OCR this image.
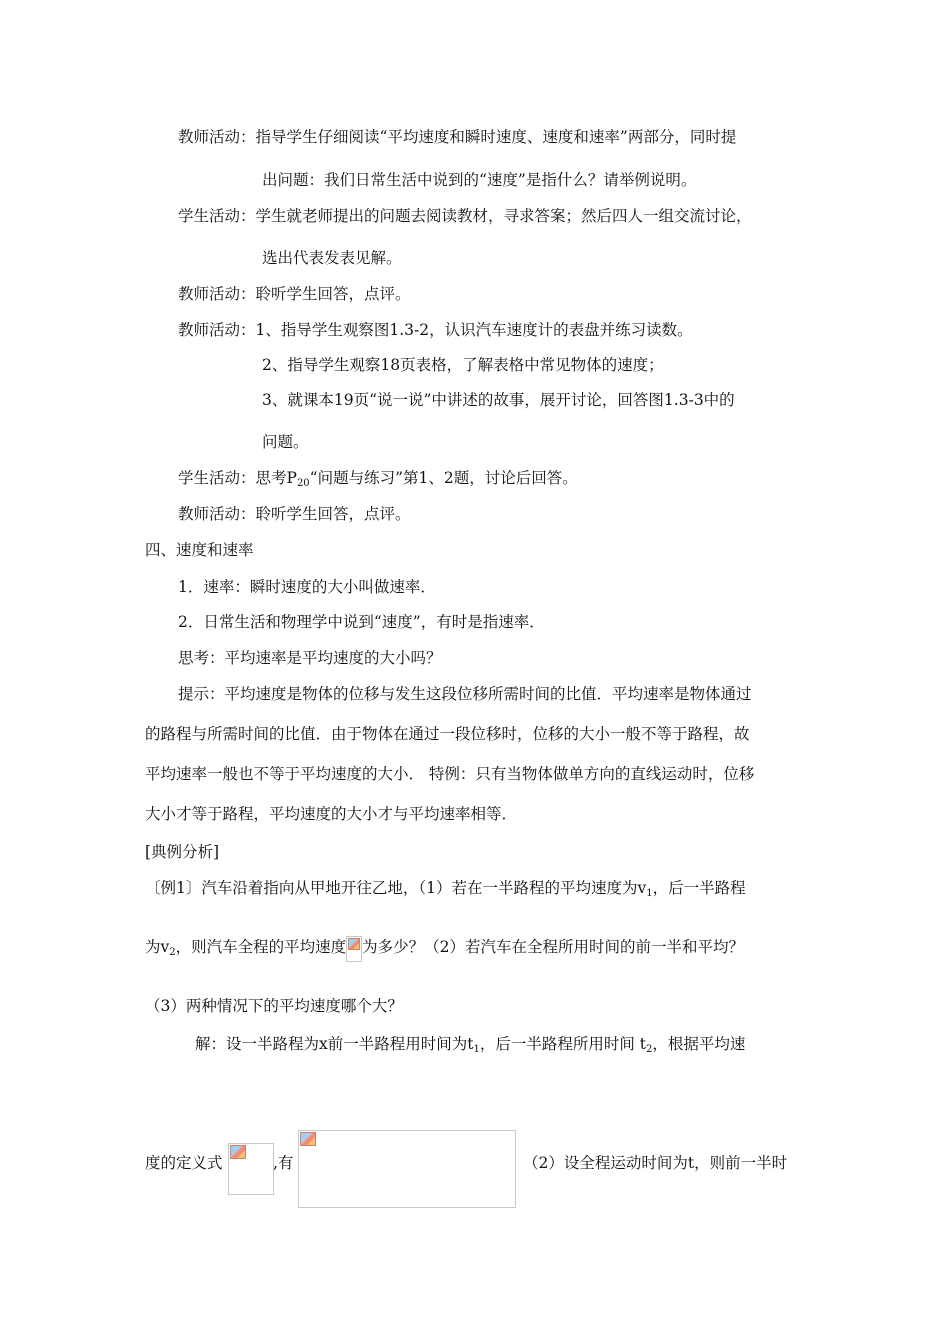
教师活动：指导学生仔细阅读“平均速度和瞬时速度、速度和速率”两部分，同时提
出问题：我们日常生活中说到的“速度”是指什么？请举例说明。
学生活动：学生就老师提出的问题去阅读教材，寻求答案；然后四人一组交流讨论，
选出代表发表见解。
教师活动：聆听学生回答，点评。
教师活动：1、指导学生观察图1.3-2，认识汽车速度计的表盘并练习读数。
2、指导学生观察18页表格，了解表格中常见物体的速度；
3、就课本19页“说一说”中讲述的故事，展开讨论，回答图1.3-3中的
问题。
学生活动：思考$P_{20}“$问题与练习”第1、2题，讨论后回答。
教师活动：聆听学生回答，点评。
四、速度和速率
1．速率：瞬时速度的大小叫做速率．
2．日常生活和物理学中说到“速度”，有时是指速率．
思考：平均速率是平均速度的大小吗？
提示：平均速度是物体的位移与发生这段位移所需时间的比值．平均速率是物体通过
的路程与所需时间的比值．由于物体在通过一段位移时，位移的大小一般不等于路程，故
平均速率一般也不等于平均速度的大小． 特例：只有当物体做单方向的直线运动时，位移
大小才等于路程，平均速度的大小才与平均速率相等．
[典例分析]
〔例1〕汽车沿着指向从甲地开往乙地，（1）若在一半路程的平均速度为$v_1$，后一半路程
为$v_2$，则汽车全程的平均速度 为多少？（2）若汽车在全程所用时间的前一半和平均？
（3）两种情况下的平均速度哪个大？
解：设一半路程为x前一半路程用时间为$t_1$，后一半路程所用时间 $t_2$，根据平均速
度的定义式	,有	（2）设全程运动时间为t，则前一半时
